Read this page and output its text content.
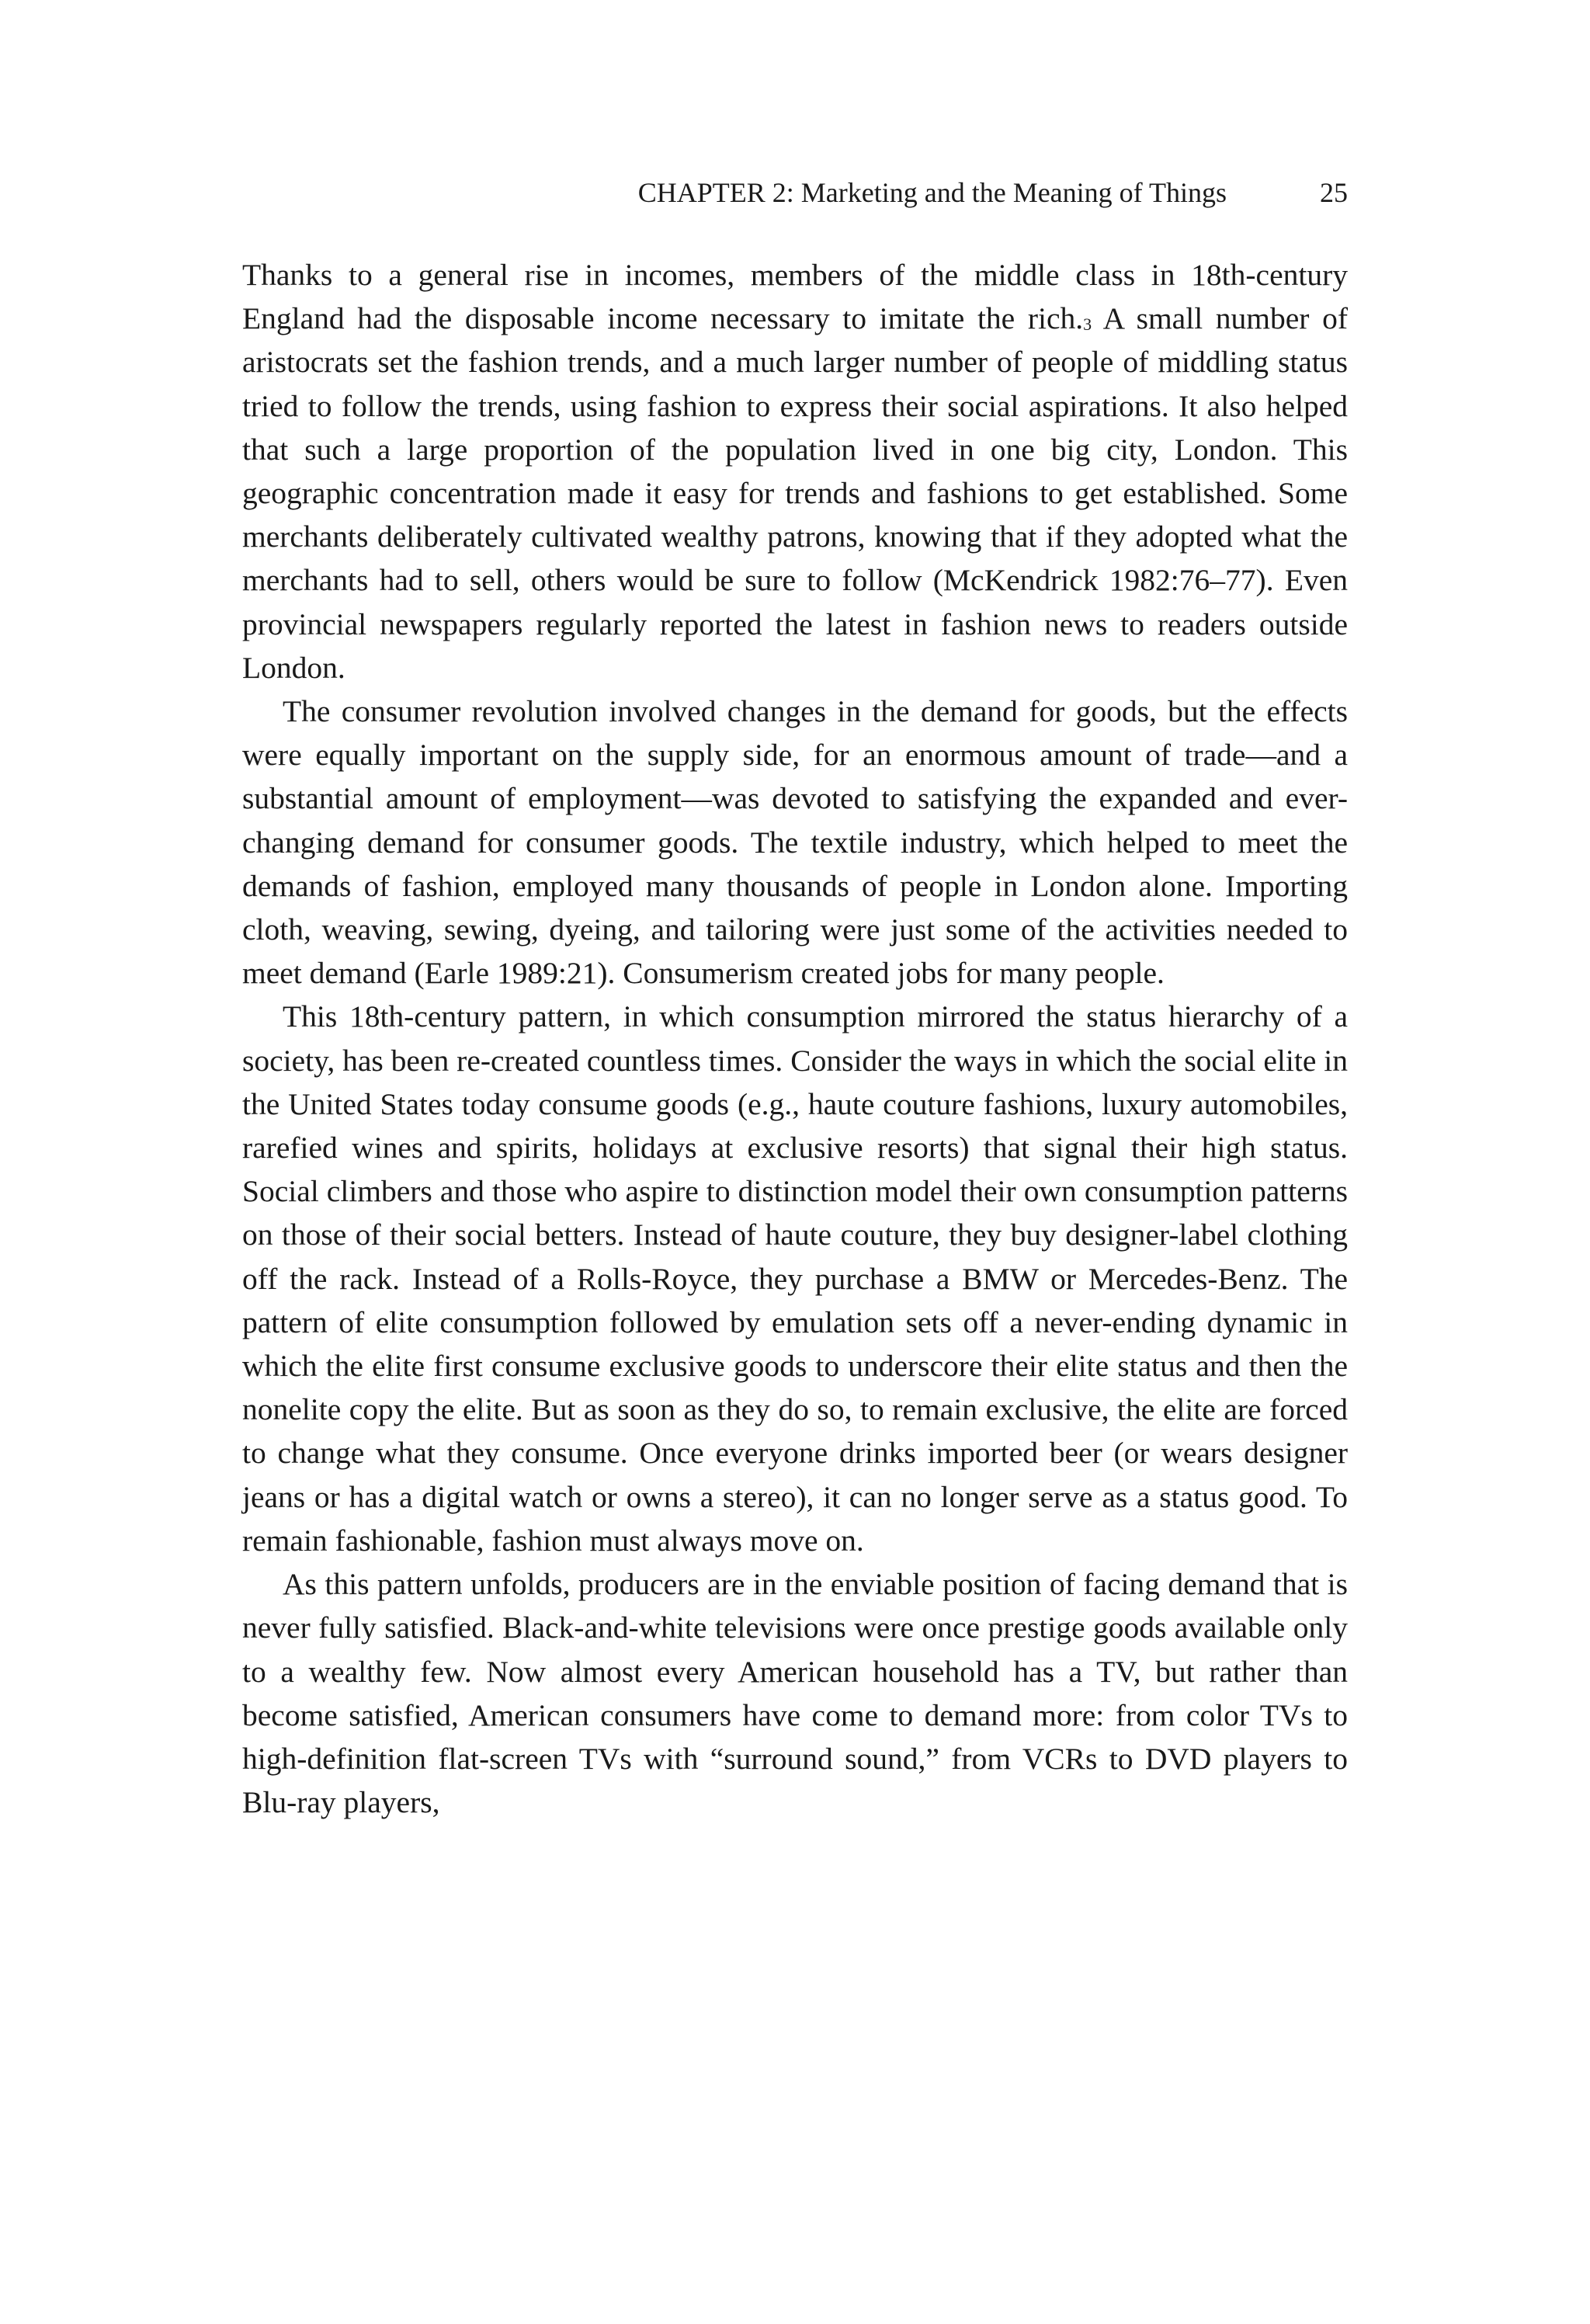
CHAPTER 2: Marketing and the Meaning of Things	25

Thanks to a general rise in incomes, members of the middle class in 18th-century England had the disposable income necessary to imitate the rich.$^3$ A small number of aristocrats set the fashion trends, and a much larger number of people of middling status tried to follow the trends, using fashion to express their social aspirations. It also helped that such a large proportion of the population lived in one big city, London. This geographic concentration made it easy for trends and fashions to get established. Some merchants deliberately cultivated wealthy patrons, knowing that if they adopted what the merchants had to sell, others would be sure to follow (McKendrick 1982:76–77). Even provincial newspapers regularly reported the latest in fashion news to readers outside London.

The consumer revolution involved changes in the demand for goods, but the effects were equally important on the supply side, for an enormous amount of trade—and a substantial amount of employment—was devoted to satisfying the expanded and ever-changing demand for consumer goods. The textile industry, which helped to meet the demands of fashion, employed many thousands of people in London alone. Importing cloth, weaving, sewing, dyeing, and tailoring were just some of the activities needed to meet demand (Earle 1989:21). Consumerism created jobs for many people.

This 18th-century pattern, in which consumption mirrored the status hierarchy of a society, has been re-created countless times. Consider the ways in which the social elite in the United States today consume goods (e.g., haute couture fashions, luxury automobiles, rarefied wines and spirits, holidays at exclusive resorts) that signal their high status. Social climbers and those who aspire to distinction model their own consumption patterns on those of their social betters. Instead of haute couture, they buy designer-label clothing off the rack. Instead of a Rolls-Royce, they purchase a BMW or Mercedes-Benz. The pattern of elite consumption followed by emulation sets off a never-ending dynamic in which the elite first consume exclusive goods to underscore their elite status and then the nonelite copy the elite. But as soon as they do so, to remain exclusive, the elite are forced to change what they consume. Once everyone drinks imported beer (or wears designer jeans or has a digital watch or owns a stereo), it can no longer serve as a status good. To remain fashionable, fashion must always move on.

As this pattern unfolds, producers are in the enviable position of facing demand that is never fully satisfied. Black-and-white televisions were once prestige goods available only to a wealthy few. Now almost every American household has a TV, but rather than become satisfied, American consumers have come to demand more: from color TVs to high-definition flat-screen TVs with “surround sound,” from VCRs to DVD players to Blu-ray players,
